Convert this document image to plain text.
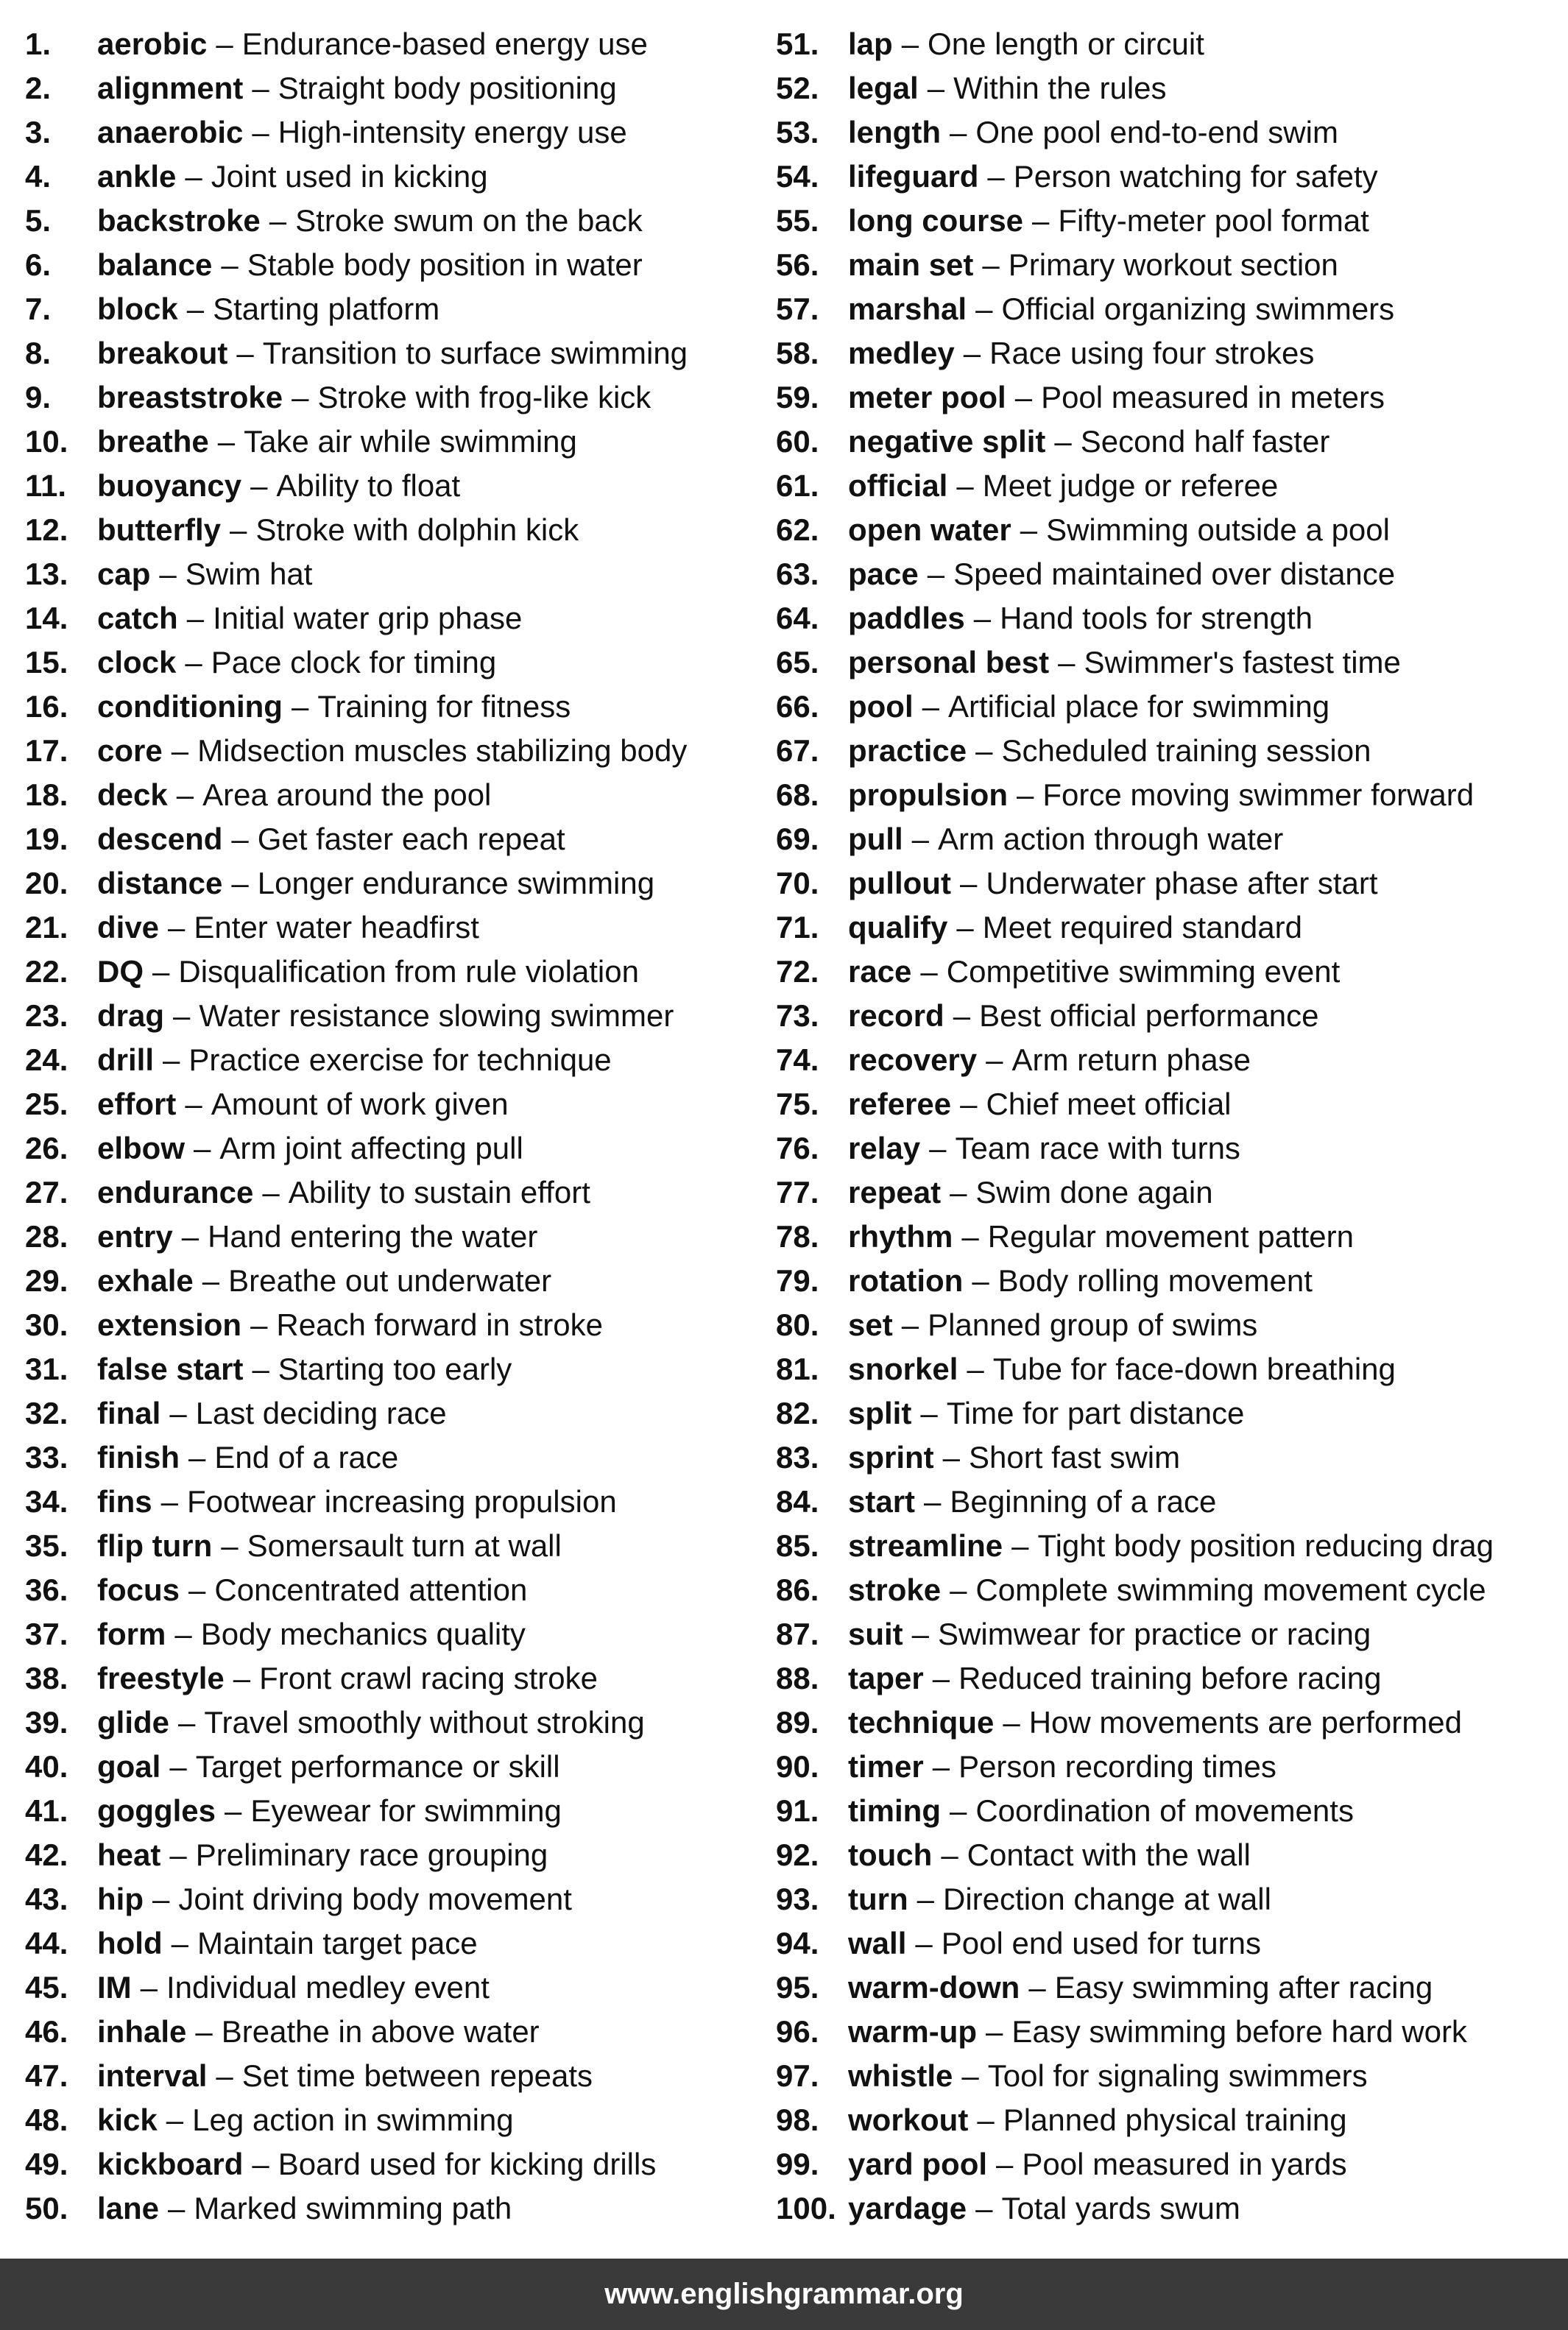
1.	aerobic – Endurance-based energy use
2.	alignment – Straight body positioning
3.	anaerobic – High-intensity energy use
4.	ankle – Joint used in kicking
5.	backstroke – Stroke swum on the back
6.	balance – Stable body position in water
7.	block – Starting platform
8.	breakout – Transition to surface swimming
9.	breaststroke – Stroke with frog-like kick
10. breathe – Take air while swimming
11. buoyancy – Ability to float
12. butterfly – Stroke with dolphin kick
13. cap – Swim hat
14. catch – Initial water grip phase
15. clock – Pace clock for timing
16. conditioning – Training for fitness
17. core – Midsection muscles stabilizing body
18. deck – Area around the pool
19. descend – Get faster each repeat
20. distance – Longer endurance swimming
21. dive – Enter water headfirst
22. DQ – Disqualification from rule violation
23. drag – Water resistance slowing swimmer
24. drill – Practice exercise for technique
25. effort – Amount of work given
26. elbow – Arm joint affecting pull
27. endurance – Ability to sustain effort
28. entry – Hand entering the water
29. exhale – Breathe out underwater
30. extension – Reach forward in stroke
31. false start – Starting too early
32. final – Last deciding race
33. finish – End of a race
34. fins – Footwear increasing propulsion
35. flip turn – Somersault turn at wall
36. focus – Concentrated attention
37. form – Body mechanics quality
38. freestyle – Front crawl racing stroke
39. glide – Travel smoothly without stroking
40. goal – Target performance or skill
41. goggles – Eyewear for swimming
42. heat – Preliminary race grouping
43. hip – Joint driving body movement
44. hold – Maintain target pace
45. IM – Individual medley event
46. inhale – Breathe in above water
47. interval – Set time between repeats
48. kick – Leg action in swimming
49. kickboard – Board used for kicking drills
50. lane – Marked swimming path
51. lap – One length or circuit
52. legal – Within the rules
53. length – One pool end-to-end swim
54. lifeguard – Person watching for safety
55. long course – Fifty-meter pool format
56. main set – Primary workout section
57. marshal – Official organizing swimmers
58. medley – Race using four strokes
59. meter pool – Pool measured in meters
60. negative split – Second half faster
61. official – Meet judge or referee
62. open water – Swimming outside a pool
63. pace – Speed maintained over distance
64. paddles – Hand tools for strength
65. personal best – Swimmer's fastest time
66. pool – Artificial place for swimming
67. practice – Scheduled training session
68. propulsion – Force moving swimmer forward
69. pull – Arm action through water
70. pullout – Underwater phase after start
71. qualify – Meet required standard
72. race – Competitive swimming event
73. record – Best official performance
74. recovery – Arm return phase
75. referee – Chief meet official
76. relay – Team race with turns
77. repeat – Swim done again
78. rhythm – Regular movement pattern
79. rotation – Body rolling movement
80. set – Planned group of swims
81. snorkel – Tube for face-down breathing
82. split – Time for part distance
83. sprint – Short fast swim
84. start – Beginning of a race
85. streamline – Tight body position reducing drag
86. stroke – Complete swimming movement cycle
87. suit – Swimwear for practice or racing
88. taper – Reduced training before racing
89. technique – How movements are performed
90. timer – Person recording times
91. timing – Coordination of movements
92. touch – Contact with the wall
93. turn – Direction change at wall
94. wall – Pool end used for turns
95. warm-down – Easy swimming after racing
96. warm-up – Easy swimming before hard work
97. whistle – Tool for signaling swimmers
98. workout – Planned physical training
99. yard pool – Pool measured in yards
100. yardage – Total yards swum
www.englishgrammar.org
